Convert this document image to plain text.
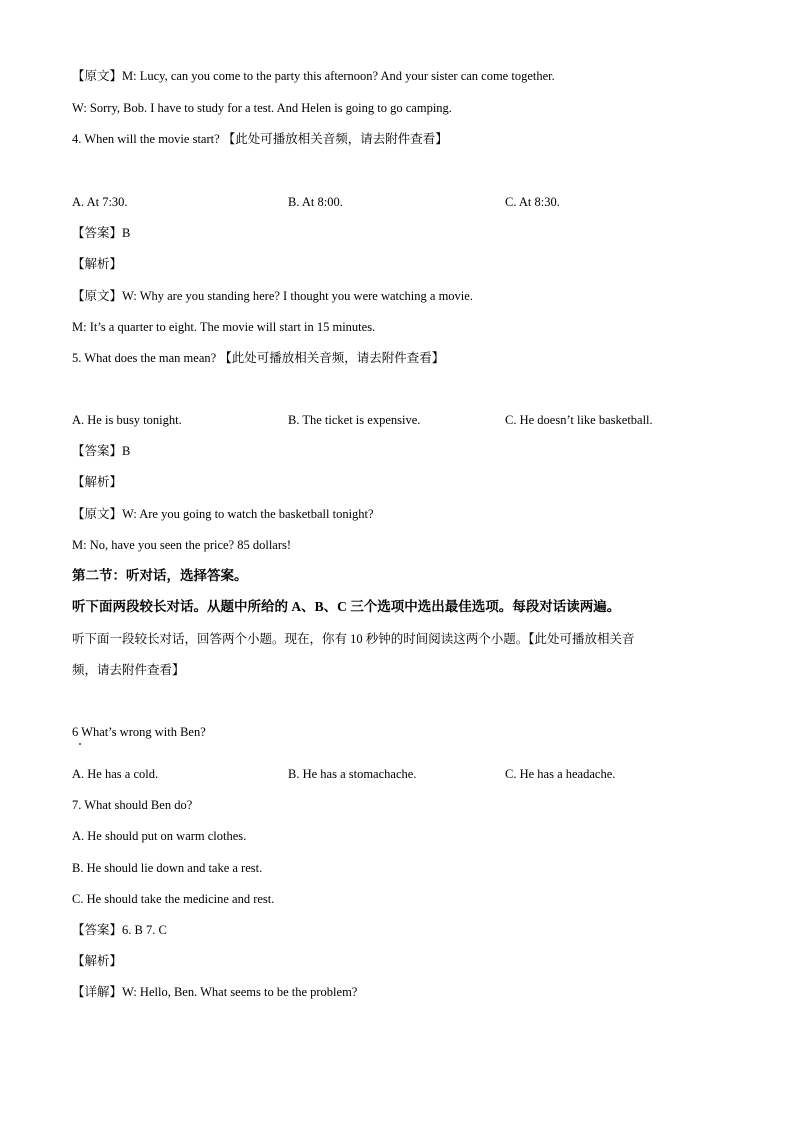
【原文】M: Lucy, can you come to the party this afternoon? And your sister can come together.
W: Sorry, Bob. I have to study for a test. And Helen is going to go camping.
4. When will the movie start? 【此处可播放相关音频，请去附件查看】
A. At 7:30.	B. At 8:00.	C. At 8:30.
【答案】B
【解析】
【原文】W: Why are you standing here? I thought you were watching a movie.
M: It’s a quarter to eight. The movie will start in 15 minutes.
5. What does the man mean? 【此处可播放相关音频，请去附件查看】
A. He is busy tonight.	B. The ticket is expensive.	C. He doesn’t like basketball.
【答案】B
【解析】
【原文】W: Are you going to watch the basketball tonight?
M: No, have you seen the price? 85 dollars!
第二节：听对话，选择答案。
听下面两段较长对话。从题中所给的 A、B、C 三个选项中选出最佳选项。每段对话读两遍。
听下面一段较长对话，回答两个小题。现在，你有 10 秒钟的时间阅读这两个小题。【此处可播放相关音
频，请去附件查看】
6 What’s wrong with Ben?
A. He has a cold.	B. He has a stomachache.	C. He has a headache.
7. What should Ben do?
A. He should put on warm clothes.
B. He should lie down and take a rest.
C. He should take the medicine and rest.
【答案】6. B 7. C
【解析】
【详解】W: Hello, Ben. What seems to be the problem?
